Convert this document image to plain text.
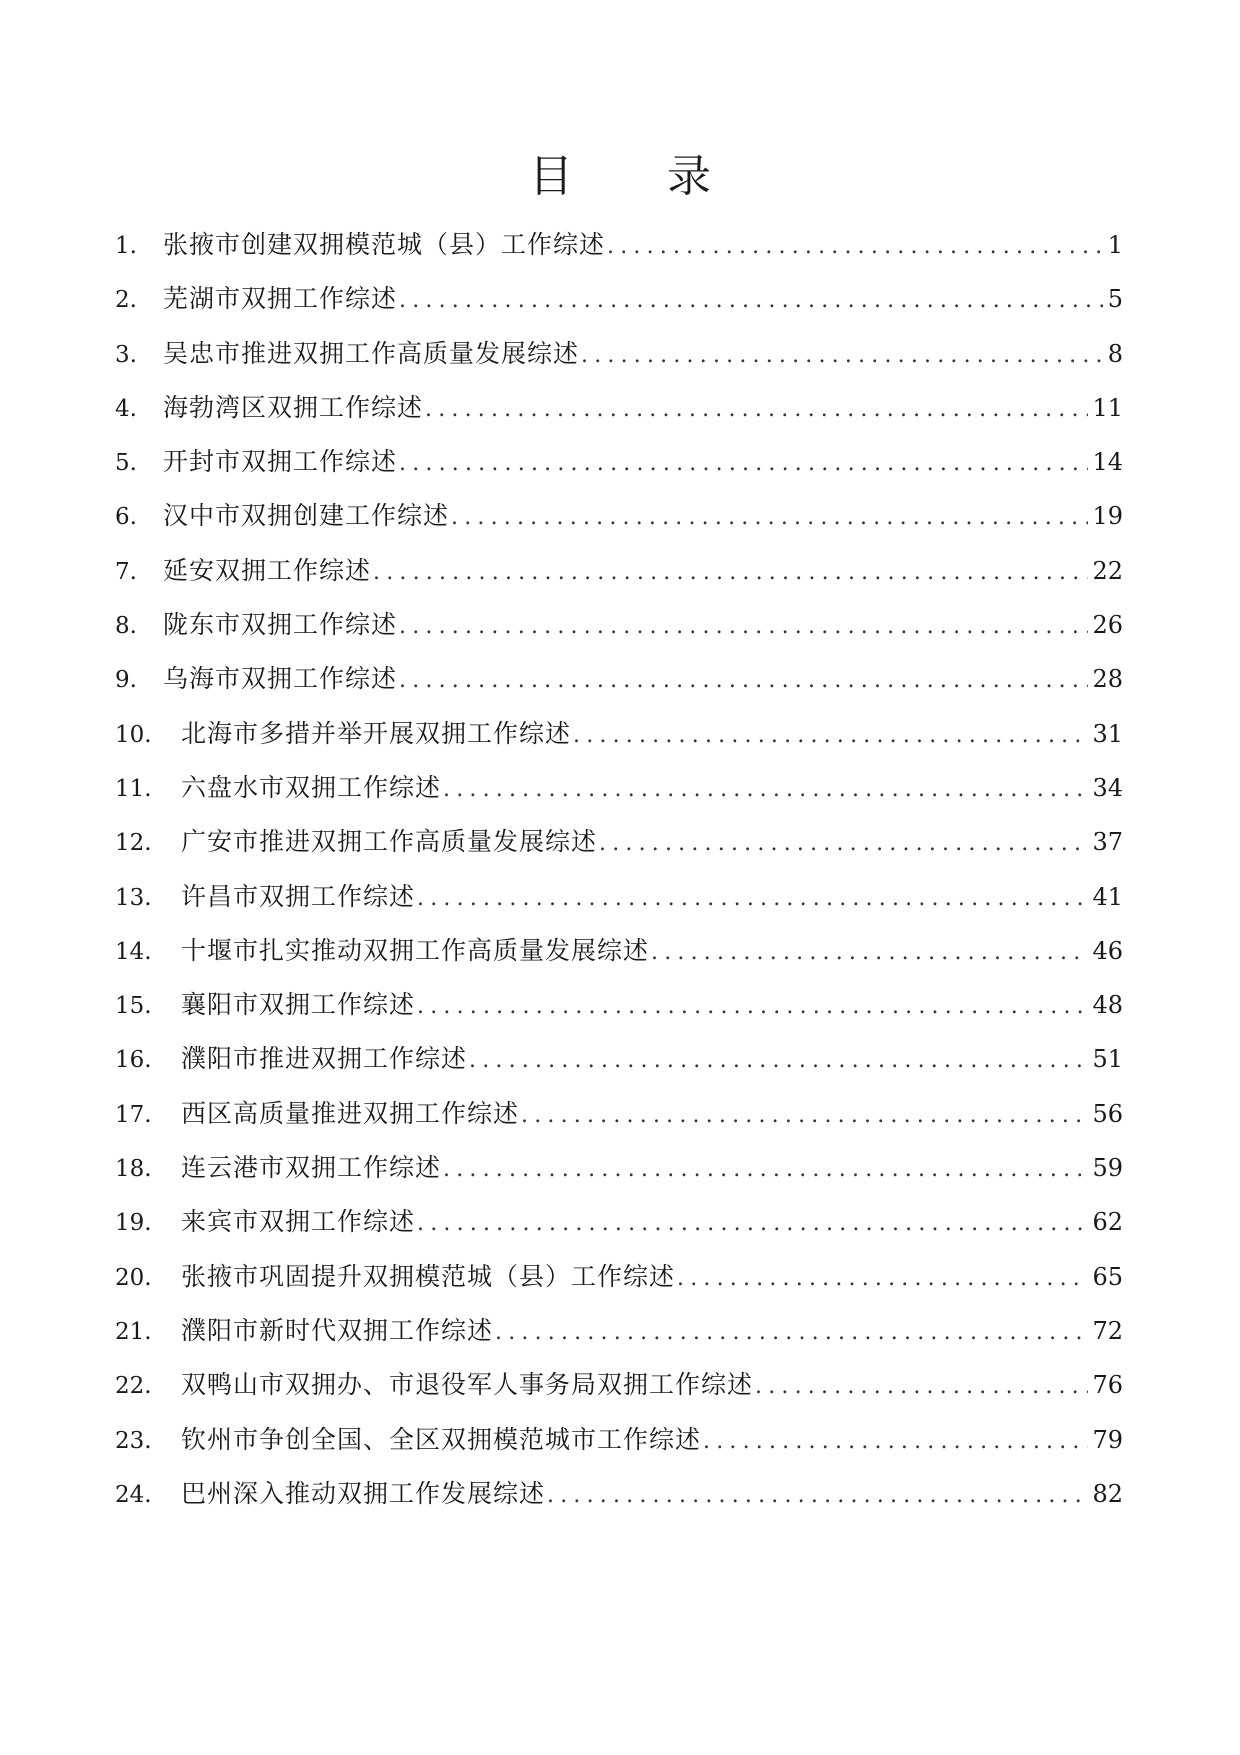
目 录
1.	张掖市创建双拥模范城（县）工作综述 .....	1
2.	芜湖市双拥工作综述 .....	5
3.	吴忠市推进双拥工作高质量发展综述 .....	8
4.	海勃湾区双拥工作综述 .....	11
5.	开封市双拥工作综述 .....	14
6.	汉中市双拥创建工作综述 .....	19
7.	延安双拥工作综述 .....	22
8.	陇东市双拥工作综述 .....	26
9.	乌海市双拥工作综述 .....	28
10.	北海市多措并举开展双拥工作综述 .....	31
11.	六盘水市双拥工作综述 .....	34
12.	广安市推进双拥工作高质量发展综述 .....	37
13.	许昌市双拥工作综述 .....	41
14.	十堰市扎实推动双拥工作高质量发展综述 .....	46
15.	襄阳市双拥工作综述 .....	48
16.	濮阳市推进双拥工作综述 .....	51
17.	西区高质量推进双拥工作综述 .....	56
18.	连云港市双拥工作综述 .....	59
19.	来宾市双拥工作综述 .....	62
20.	张掖市巩固提升双拥模范城（县）工作综述 .....	65
21.	濮阳市新时代双拥工作综述 .....	72
22.	双鸭山市双拥办、市退役军人事务局双拥工作综述 .....	76
23.	钦州市争创全国、全区双拥模范城市工作综述 .....	79
24.	巴州深入推动双拥工作发展综述 .....	82
